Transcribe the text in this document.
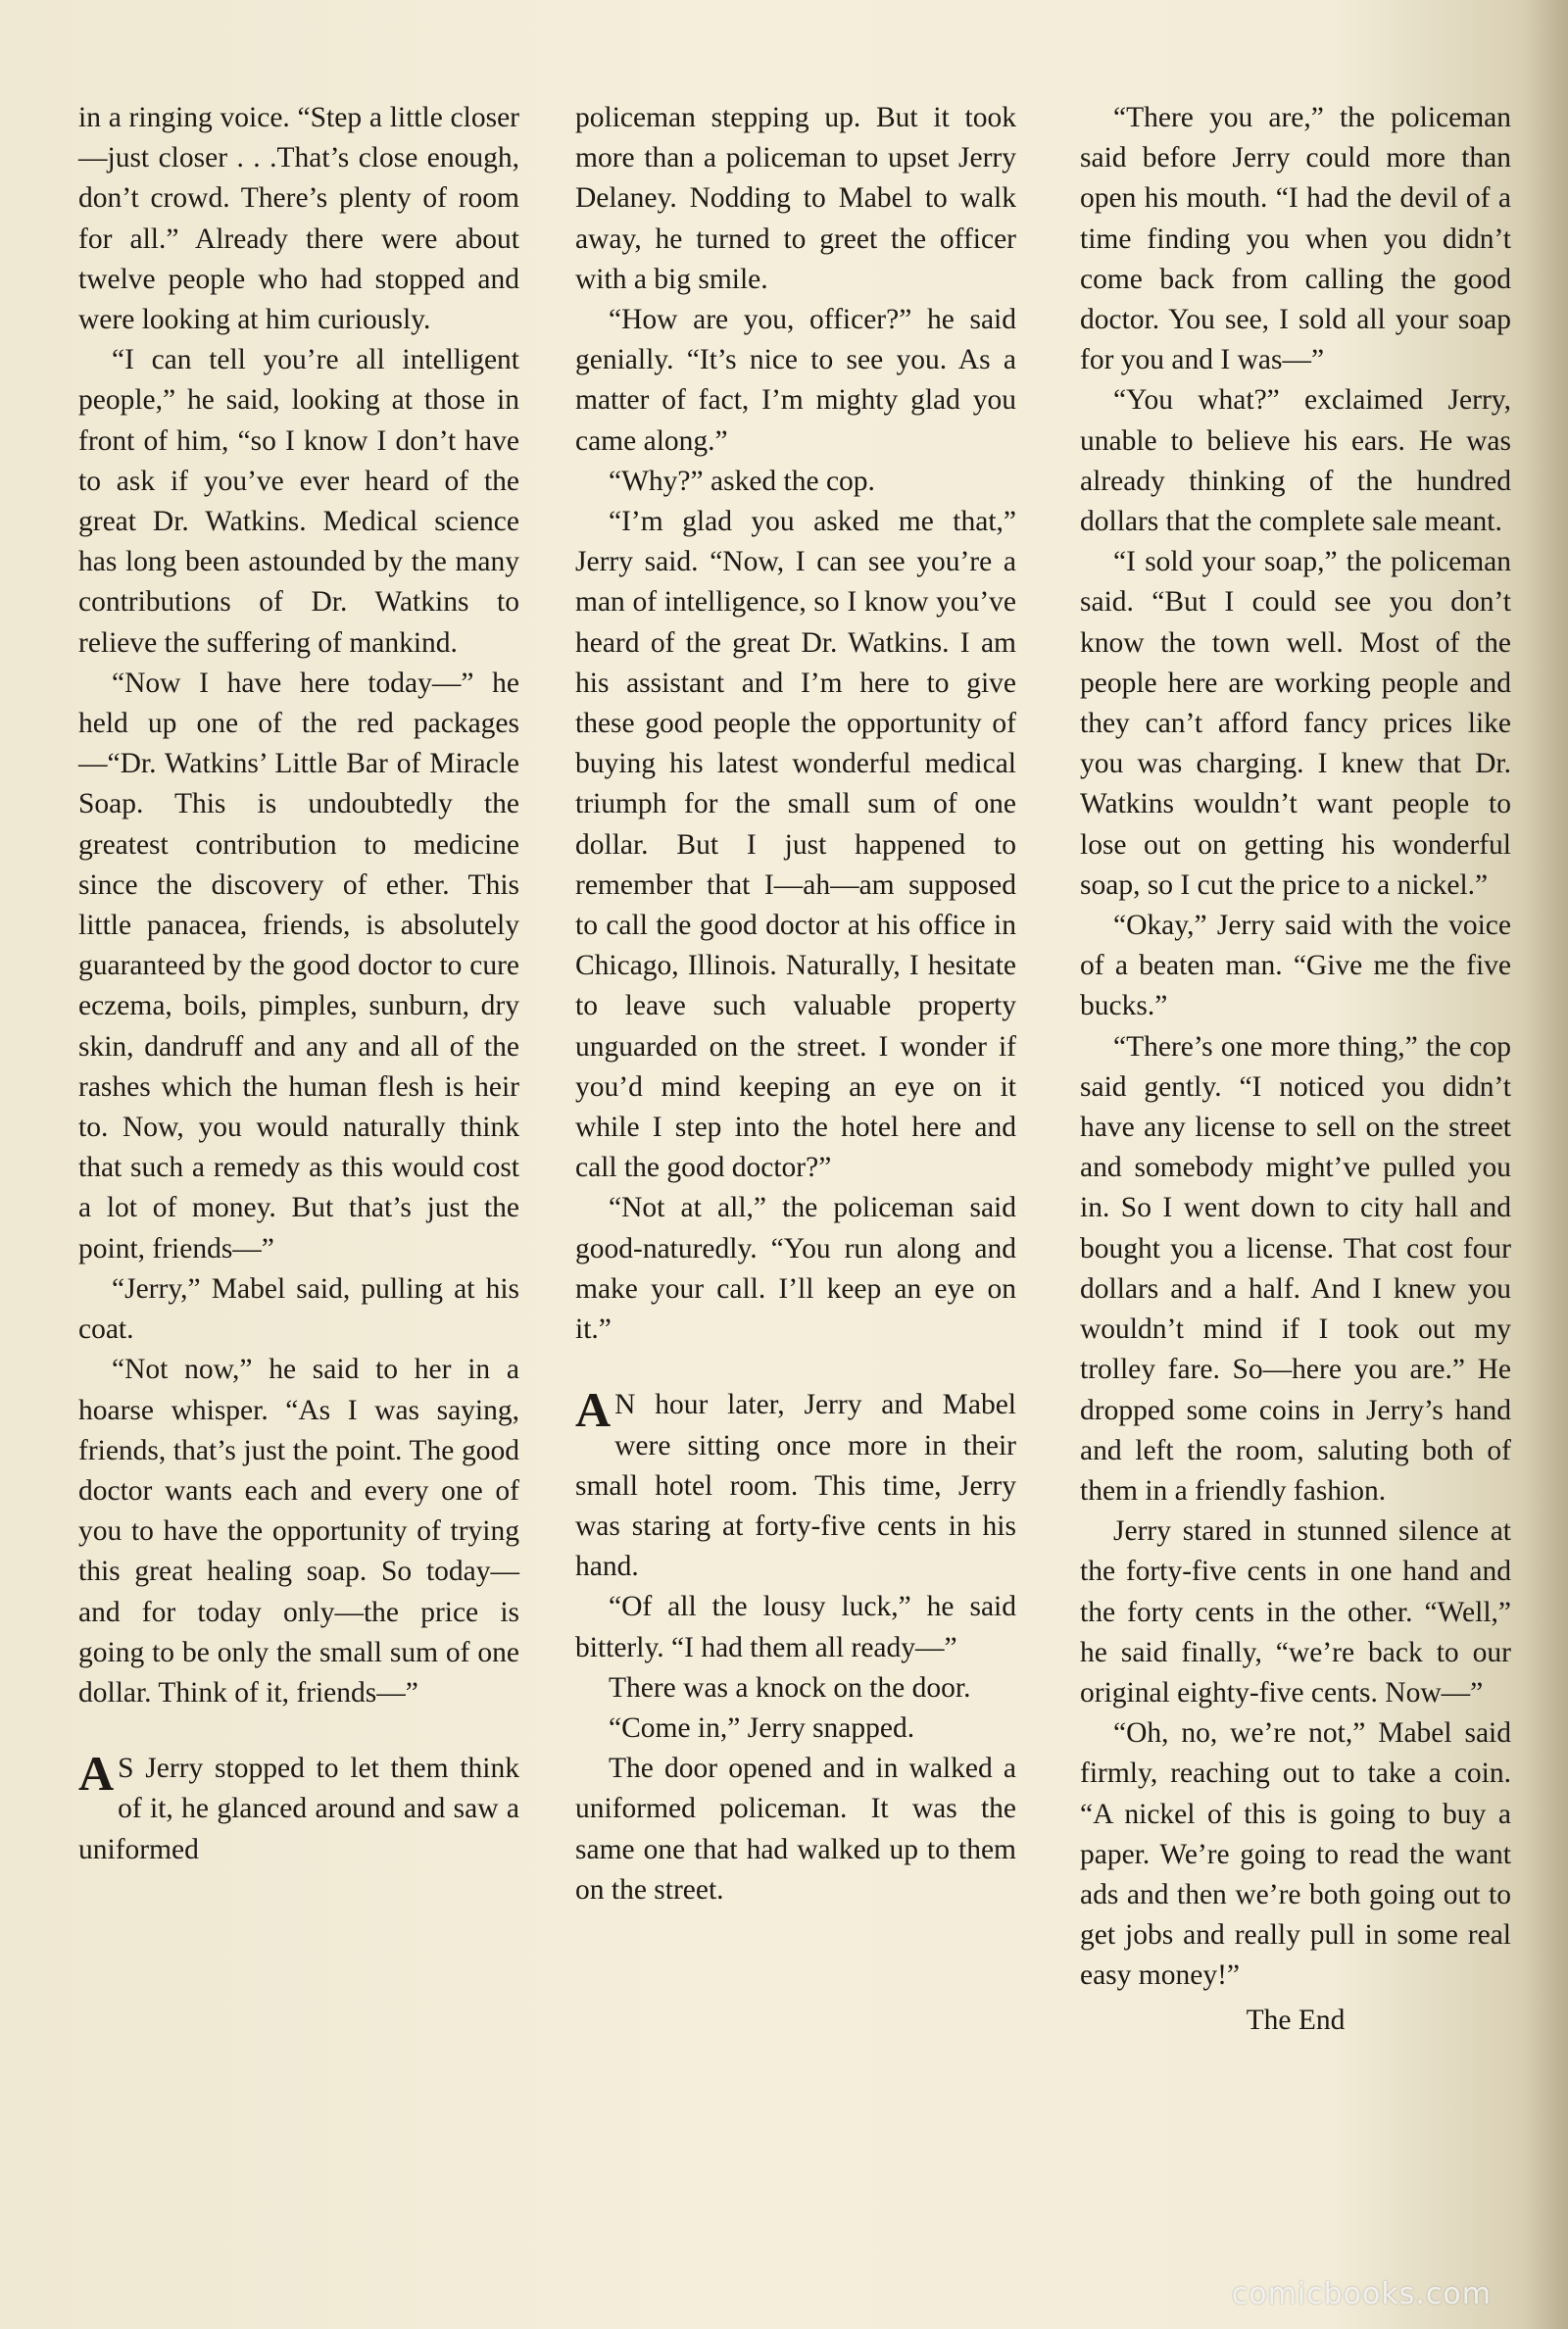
in a ringing voice. “Step a little closer—just closer . . .That’s close enough, don’t crowd. There’s plenty of room for all.” Already there were about twelve people who had stopped and were looking at him curiously.

“I can tell you’re all intelligent people,” he said, looking at those in front of him, “so I know I don’t have to ask if you’ve ever heard of the great Dr. Watkins. Medical science has long been astounded by the many contributions of Dr. Watkins to relieve the suffering of mankind.

“Now I have here today—” he held up one of the red packages—“Dr. Watkins’ Little Bar of Miracle Soap. This is undoubtedly the greatest contribution to medicine since the discovery of ether. This little panacea, friends, is absolutely guaranteed by the good doctor to cure eczema, boils, pimples, sunburn, dry skin, dandruff and any and all of the rashes which the human flesh is heir to. Now, you would naturally think that such a remedy as this would cost a lot of money. But that’s just the point, friends—”

“Jerry,” Mabel said, pulling at his coat.

“Not now,” he said to her in a hoarse whisper. “As I was saying, friends, that’s just the point. The good doctor wants each and every one of you to have the opportunity of trying this great healing soap. So today—and for today only—the price is going to be only the small sum of one dollar. Think of it, friends—”

A S Jerry stopped to let them think of it, he glanced around and saw a uniformed

policeman stepping up. But it took more than a policeman to upset Jerry Delaney. Nodding to Mabel to walk away, he turned to greet the officer with a big smile.

“How are you, officer?” he said genially. “It’s nice to see you. As a matter of fact, I’m mighty glad you came along.”

“Why?” asked the cop.

“I’m glad you asked me that,” Jerry said. “Now, I can see you’re a man of intelligence, so I know you’ve heard of the great Dr. Watkins. I am his assistant and I’m here to give these good people the opportunity of buying his latest wonderful medical triumph for the small sum of one dollar. But I just happened to remember that I—ah—am supposed to call the good doctor at his office in Chicago, Illinois. Naturally, I hesitate to leave such valuable property unguarded on the street. I wonder if you’d mind keeping an eye on it while I step into the hotel here and call the good doctor?”

“Not at all,” the policeman said good-naturedly. “You run along and make your call. I’ll keep an eye on it.”

A N hour later, Jerry and Mabel were sitting once more in their small hotel room. This time, Jerry was staring at forty-five cents in his hand.

“Of all the lousy luck,” he said bitterly. “I had them all ready—”

There was a knock on the door.

“Come in,” Jerry snapped.

The door opened and in walked a uniformed policeman. It was the same one that had walked up to them on the street.

“There you are,” the policeman said before Jerry could more than open his mouth. “I had the devil of a time finding you when you didn’t come back from calling the good doctor. You see, I sold all your soap for you and I was—”

“You what?” exclaimed Jerry, unable to believe his ears. He was already thinking of the hundred dollars that the complete sale meant.

“I sold your soap,” the policeman said. “But I could see you don’t know the town well. Most of the people here are working people and they can’t afford fancy prices like you was charging. I knew that Dr. Watkins wouldn’t want people to lose out on getting his wonderful soap, so I cut the price to a nickel.”

“Okay,” Jerry said with the voice of a beaten man. “Give me the five bucks.”

“There’s one more thing,” the cop said gently. “I noticed you didn’t have any license to sell on the street and somebody might’ve pulled you in. So I went down to city hall and bought you a license. That cost four dollars and a half. And I knew you wouldn’t mind if I took out my trolley fare. So—here you are.” He dropped some coins in Jerry’s hand and left the room, saluting both of them in a friendly fashion.

Jerry stared in stunned silence at the forty-five cents in one hand and the forty cents in the other. “Well,” he said finally, “we’re back to our original eighty-five cents. Now—”

“Oh, no, we’re not,” Mabel said firmly, reaching out to take a coin. “A nickel of this is going to buy a paper. We’re going to read the want ads and then we’re both going out to get jobs and really pull in some real easy money!”

The End

comicbooks.com
